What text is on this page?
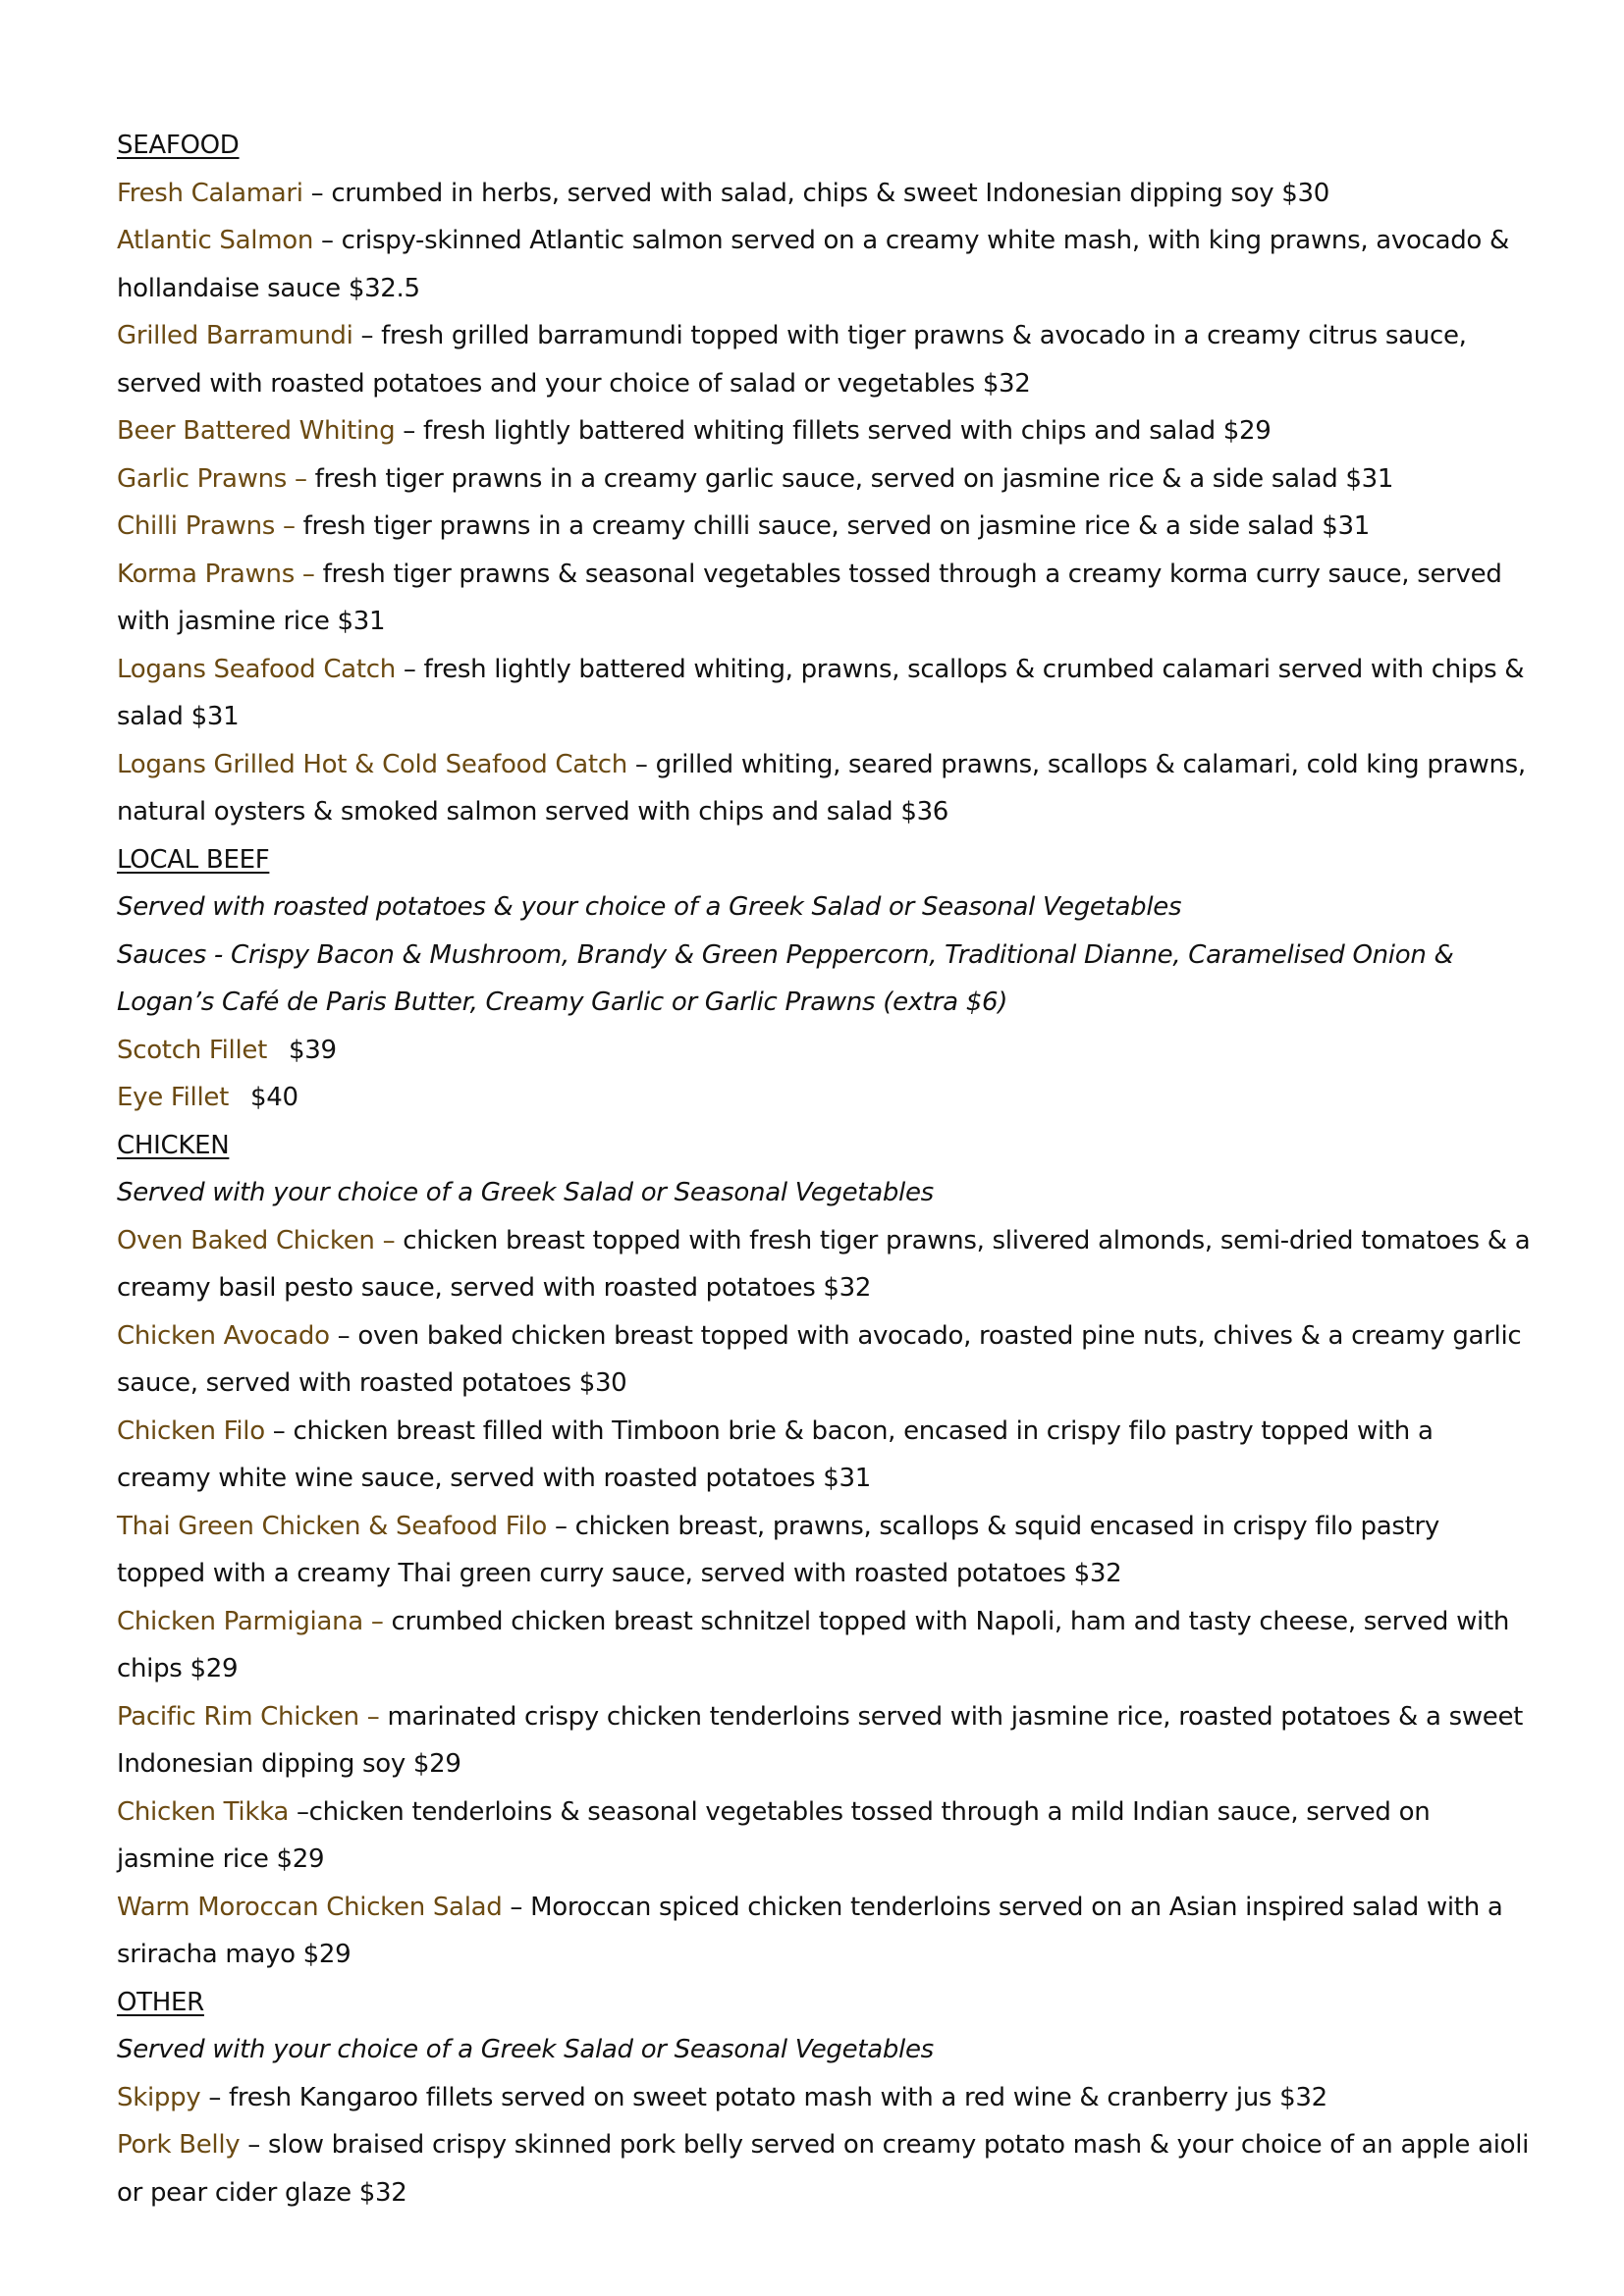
SEAFOOD
Fresh Calamari – crumbed in herbs, served with salad, chips & sweet Indonesian dipping soy $30
Atlantic Salmon – crispy-skinned Atlantic salmon served on a creamy white mash, with king prawns, avocado & hollandaise sauce $32.5
Grilled Barramundi – fresh grilled barramundi topped with tiger prawns & avocado in a creamy citrus sauce, served with roasted potatoes and your choice of salad or vegetables $32
Beer Battered Whiting – fresh lightly battered whiting fillets served with chips and salad $29
Garlic Prawns – fresh tiger prawns in a creamy garlic sauce, served on jasmine rice & a side salad $31
Chilli Prawns – fresh tiger prawns in a creamy chilli sauce, served on jasmine rice & a side salad $31
Korma Prawns – fresh tiger prawns & seasonal vegetables tossed through a creamy korma curry sauce, served with jasmine rice $31
Logans Seafood Catch – fresh lightly battered whiting, prawns, scallops & crumbed calamari served with chips & salad $31
Logans Grilled Hot & Cold Seafood Catch – grilled whiting, seared prawns, scallops & calamari, cold king prawns, natural oysters & smoked salmon served with chips and salad $36
LOCAL BEEF
Served with roasted potatoes & your choice of a Greek Salad or Seasonal Vegetables
Sauces - Crispy Bacon & Mushroom, Brandy & Green Peppercorn, Traditional Dianne, Caramelised Onion & Logan’s Café de Paris Butter, Creamy Garlic or Garlic Prawns (extra $6)
Scotch Fillet $39
Eye Fillet $40
CHICKEN
Served with your choice of a Greek Salad or Seasonal Vegetables
Oven Baked Chicken – chicken breast topped with fresh tiger prawns, slivered almonds, semi-dried tomatoes & a creamy basil pesto sauce, served with roasted potatoes $32
Chicken Avocado – oven baked chicken breast topped with avocado, roasted pine nuts, chives & a creamy garlic sauce, served with roasted potatoes $30
Chicken Filo – chicken breast filled with Timboon brie & bacon, encased in crispy filo pastry topped with a creamy white wine sauce, served with roasted potatoes $31
Thai Green Chicken & Seafood Filo – chicken breast, prawns, scallops & squid encased in crispy filo pastry topped with a creamy Thai green curry sauce, served with roasted potatoes $32
Chicken Parmigiana – crumbed chicken breast schnitzel topped with Napoli, ham and tasty cheese, served with chips $29
Pacific Rim Chicken – marinated crispy chicken tenderloins served with jasmine rice, roasted potatoes & a sweet Indonesian dipping soy $29
Chicken Tikka –chicken tenderloins & seasonal vegetables tossed through a mild Indian sauce, served on jasmine rice $29
Warm Moroccan Chicken Salad – Moroccan spiced chicken tenderloins served on an Asian inspired salad with a sriracha mayo $29
OTHER
Served with your choice of a Greek Salad or Seasonal Vegetables
Skippy – fresh Kangaroo fillets served on sweet potato mash with a red wine & cranberry jus $32
Pork Belly – slow braised crispy skinned pork belly served on creamy potato mash & your choice of an apple aioli or pear cider glaze $32
